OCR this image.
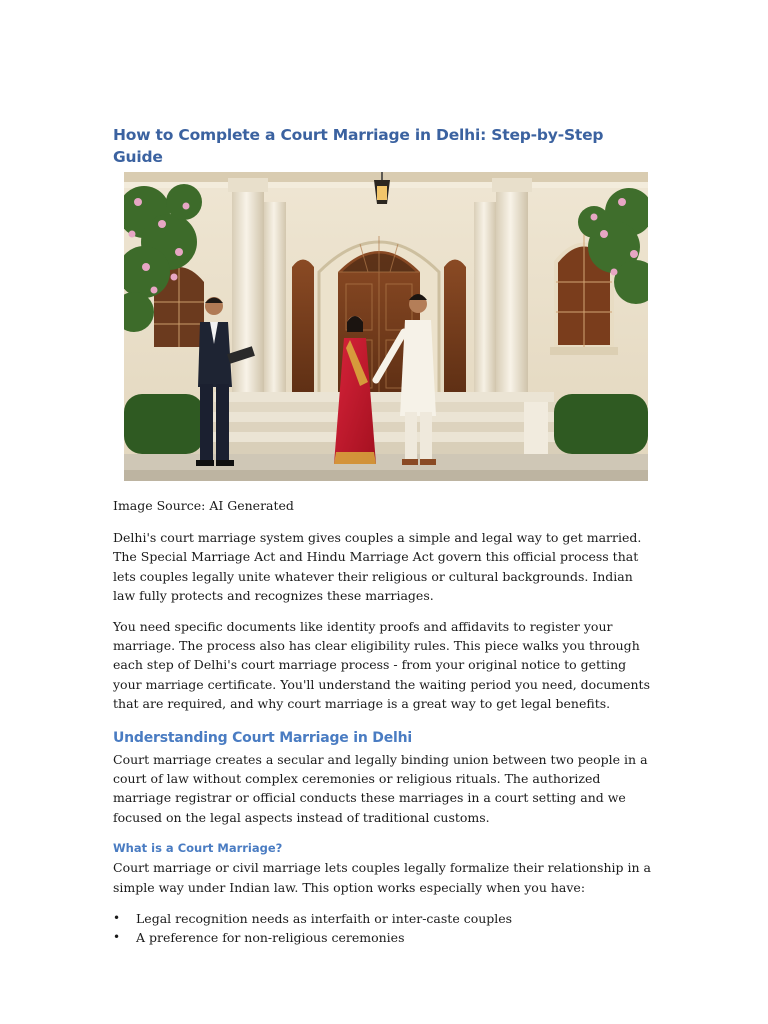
How to Complete a Court Marriage in Delhi: Step-by-Step Guide
Image Source: AI Generated

Delhi's court marriage system gives couples a simple and legal way to get married. The Special Marriage Act and Hindu Marriage Act govern this official process that lets couples legally unite whatever their religious or cultural backgrounds. Indian law fully protects and recognizes these marriages.

You need specific documents like identity proofs and affidavits to register your marriage. The process also has clear eligibility rules. This piece walks you through each step of Delhi's court marriage process - from your original notice to getting your marriage certificate. You'll understand the waiting period you need, documents that are required, and why court marriage is a great way to get legal benefits.

Understanding Court Marriage in Delhi

Court marriage creates a secular and legally binding union between two people in a court of law without complex ceremonies or religious rituals. The authorized marriage registrar or official conducts these marriages in a court setting and we focused on the legal aspects instead of traditional customs.

What is a Court Marriage?

Court marriage or civil marriage lets couples legally formalize their relationship in a simple way under Indian law. This option works especially when you have:

• Legal recognition needs as interfaith or inter-caste couples
• A preference for non-religious ceremonies
